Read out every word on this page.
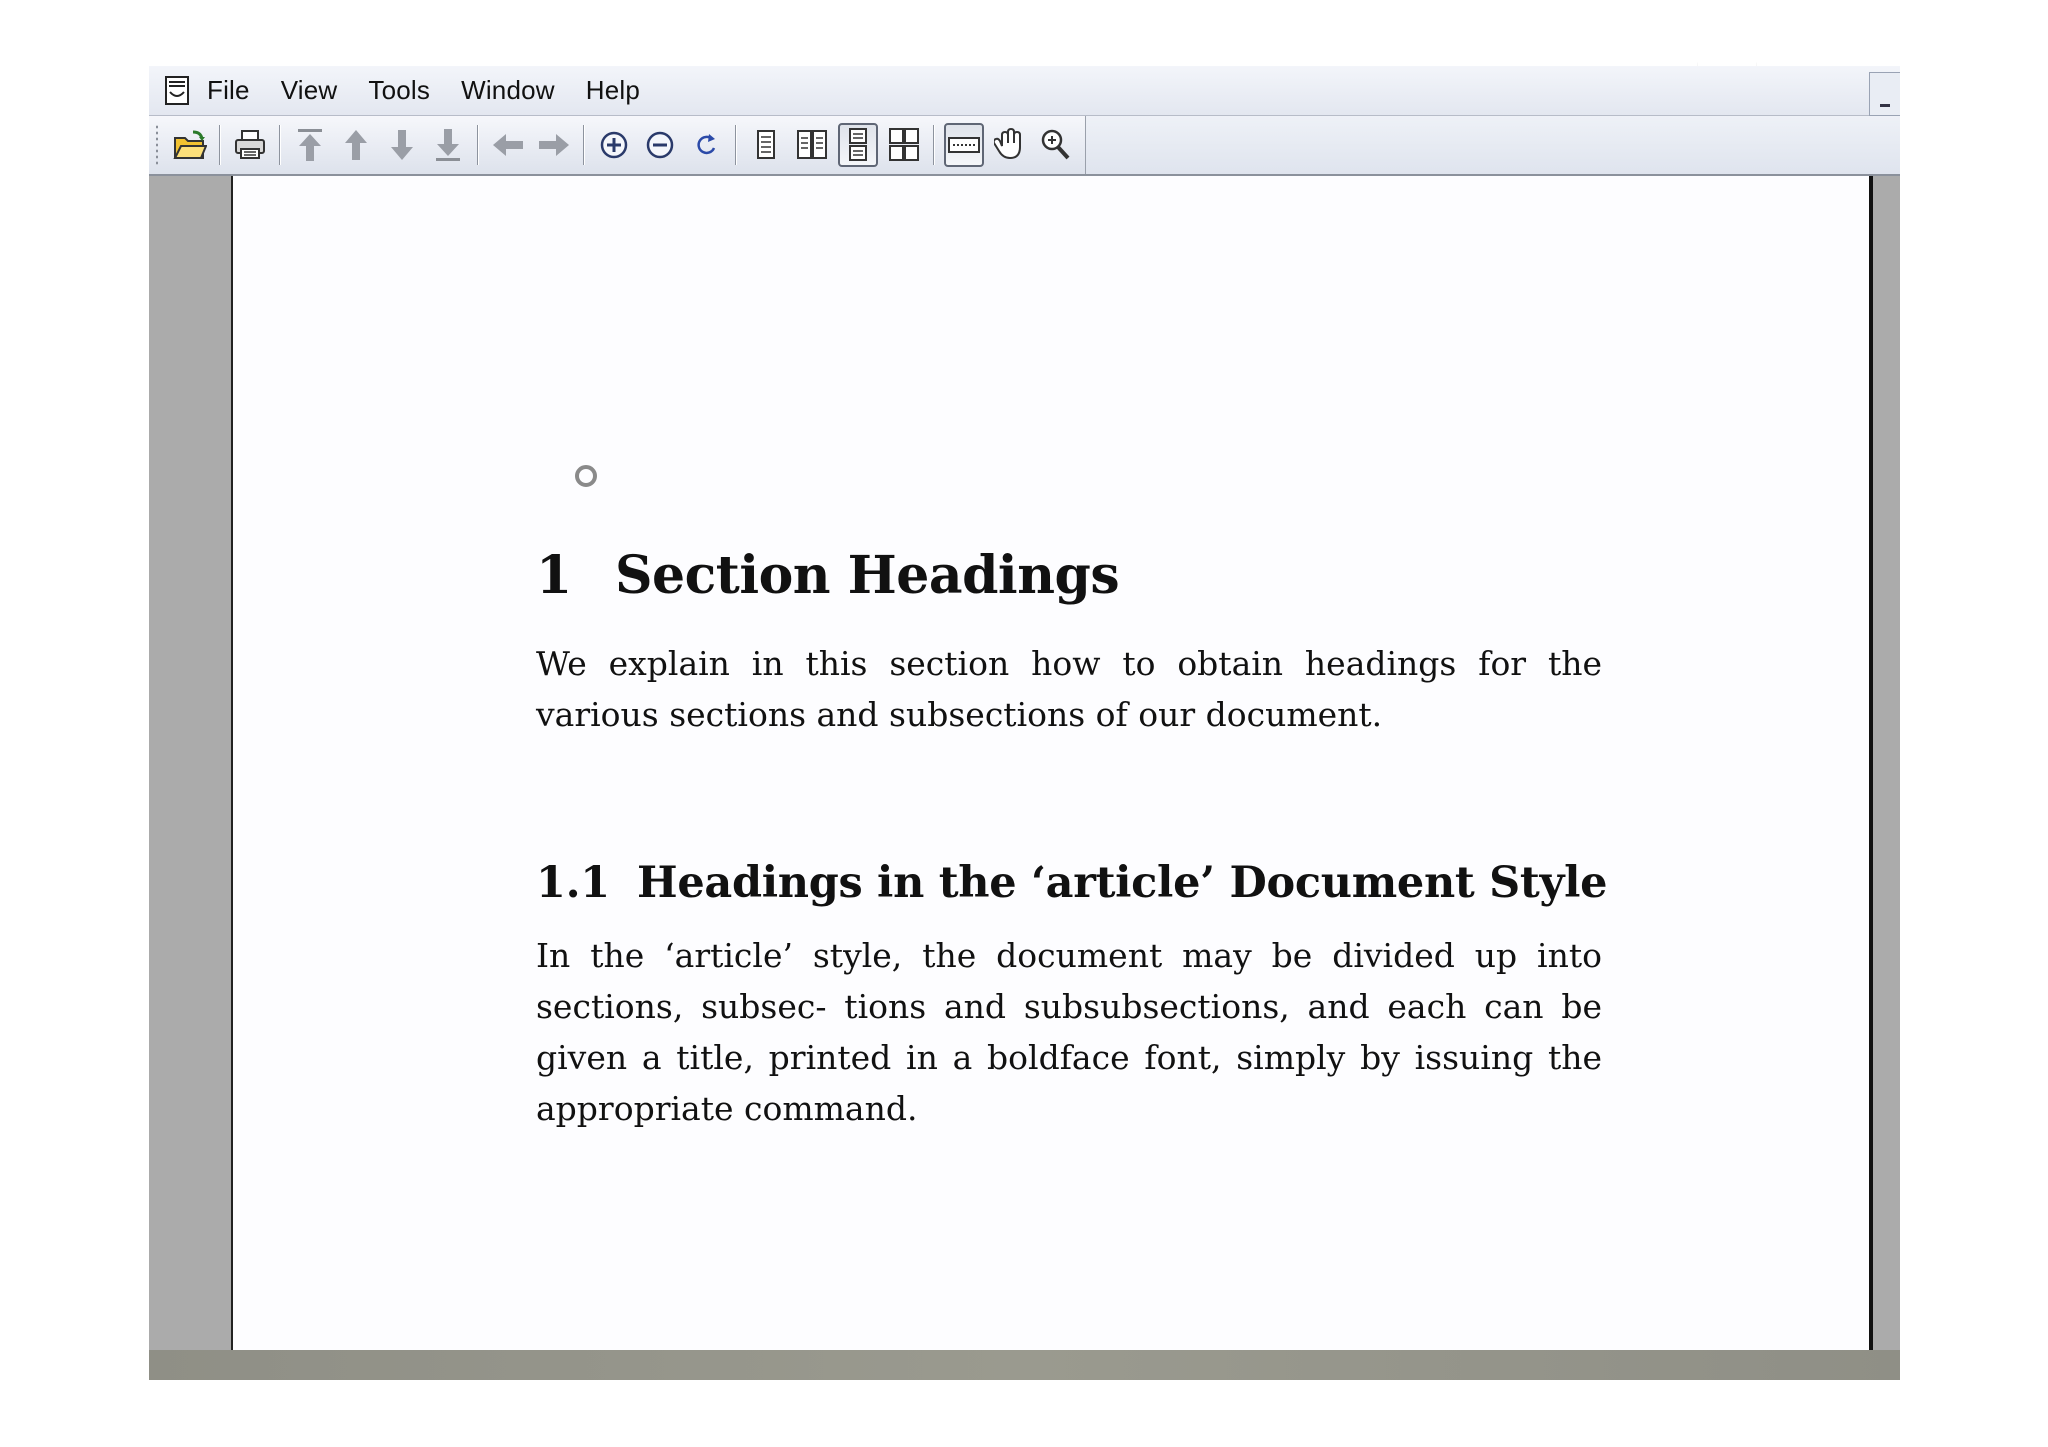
File View Tools Window Help
1 Section Headings
We explain in this section how to obtain headings for the various sections and subsections of our document.
1.1 Headings in the ‘article’ Document Style
In the ‘article’ style, the document may be divided up into sections, subsec- tions and subsubsections, and each can be given a title, printed in a boldface font, simply by issuing the appropriate command.
